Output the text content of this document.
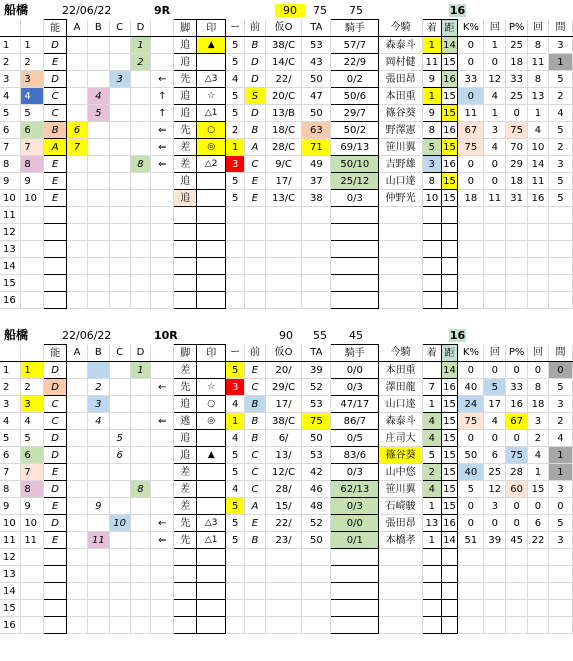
船橋	22/06/22	9R	90	75 75	16
		能	A	B	C	D		脚	印	ー	前	仮O	TA	騎手	今騎	着	距	K%	回	P%	回	間
1	1	D				1		追	▲	5	B	38/C	53	57/7	森泰斗	1	14	0	1	25	8	3
2	2	E				2		追		5	D	14/C	43	22/9	岡村健	11	15	0	0	18	11	1
3	3	D			3		←	先	△3	4	D	22/	50	0/2	張田昂	9	16	33	12	33	8	5
4	4	C		4			↑	追	☆	5	S	20/C	47	50/6	本田重	1	15	0	4	25	13	2
5	5	C		5			↑	追	△1	5	D	13/B	50	29/7	篠谷葵	9	15	11	1	0	1	4
6	6	B	6				⇐	先	○	2	B	18/C	63	50/2	野澤憲	8	16	67	3	75	4	5
7	7	A	7				⇐	差	◎	1	A	28/C	71	69/13	笹川翼	5	15	75	4	70	10	2
8	8	E				8	⇐	差	△2	3	C	9/C	49	50/10	吉野雄	3	16	0	0	29	14	3
9	9	E						追		5	E	17/	37	25/12	山口達	8	15	0	0	18	11	5
10	10	E						追		5	E	13/C	38	0/3	仲野光	10	15	18	11	31	16	5
11																						
12																						
13																						
14																						
15																						
16																						
船橋	22/06/22	10R	90 55 45	16
		能	A	B	C	D		脚	印	ー	前	仮O	TA	騎手	今騎	着	距	K%	回	P%	回	間
1	1	D				1		差		5	E	20/	39	0/0	本田重		14	0	0	0	0	0
2	2	D		2			←	先	☆	3	C	29/C	52	0/3	澤田龍	7	16	40	5	33	8	5
3	3	C		3				追	○	4	B	17/	53	47/17	山口達	1	15	24	17	16	18	3
4	4	C		4			⇐	逃	◎	1	B	38/C	75	86/7	森泰斗	4	15	75	4	67	3	2
5	5	D			5			追		4	B	6/	50	0/5	庄司大	4	15	0	0	0	2	4
6	6	D			6			追	▲	5	C	13/	53	83/6	篠谷葵	5	15	50	6	75	4	1
7	7	E						差		5	C	12/C	42	0/3	山中悠	2	15	40	25	28	1	1
8	8	D				8		差		4	C	28/	46	62/13	笹川翼	4	15	5	12	60	15	3
9	9	E		9				差		5	A	15/	48	0/3	石崎駿	1	15	0	3	0	0	0
10	10	D			10		←	先	△3	5	E	22/	52	0/0	張田昂	13	16	0	0	0	6	5
11	11	E		11			⇐	先	△1	5	B	23/	50	0/1	本橋孝	1	14	51	39	45	22	3
12																						
13																						
14																						
15																						
16																						
